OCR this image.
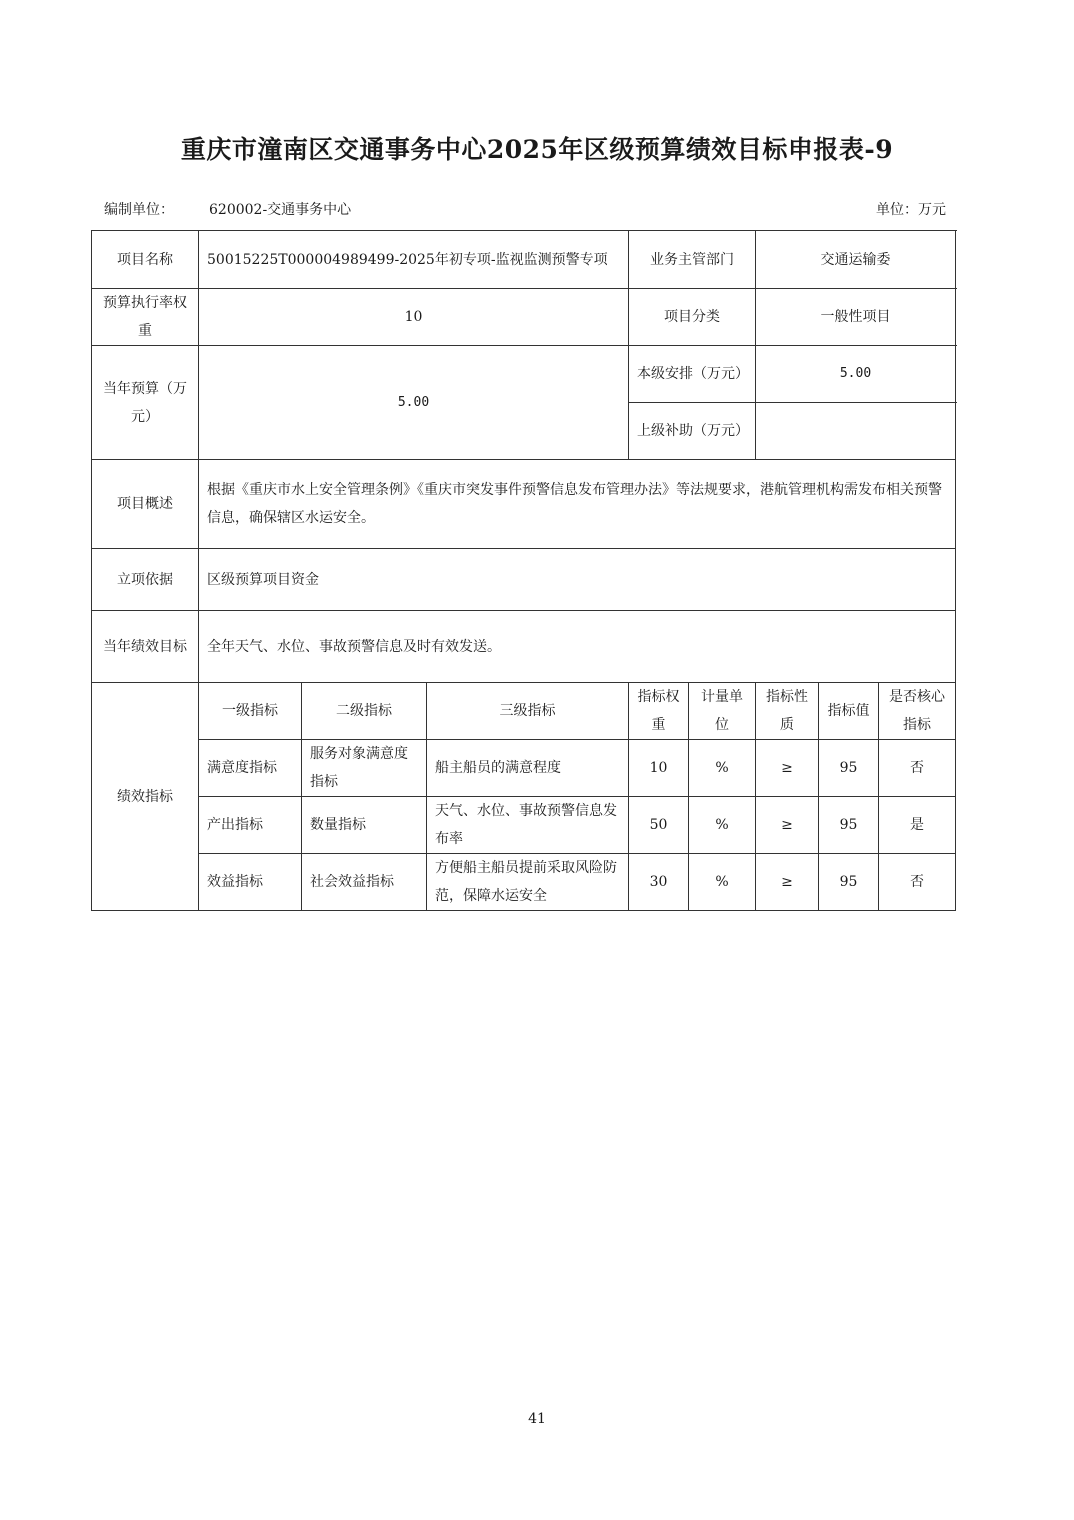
重庆市潼南区交通事务中心2025年区级预算绩效目标申报表-9
编制单位：	620002-交通事务中心	单位：万元
项目名称	50015225T000004989499-2025年初专项-监视监测预警专项			业务主管部门		交通运输委		
预算执行率权重	10			项目分类		一般性项目		
当年预算（万元）	5.00			本级安排（万元）		5.00		
				上级补助（万元）				
项目概述	根据《重庆市水上安全管理条例》《重庆市突发事件预警信息发布管理办法》等法规要求，港航管理机构需发布相关预警信息，确保辖区水运安全。							
立项依据	区级预算项目资金							
当年绩效目标	全年天气、水位、事故预警信息及时有效发送。							
绩效指标	一级指标	二级指标	三级指标	指标权重	计量单位	指标性质	指标值	是否核心指标
	满意度指标	服务对象满意度指标	船主船员的满意程度	10	%	≥	95	否
	产出指标	数量指标	天气、水位、事故预警信息发布率	50	%	≥	95	是
	效益指标	社会效益指标	方便船主船员提前采取风险防范，保障水运安全	30	%	≥	95	否
41
